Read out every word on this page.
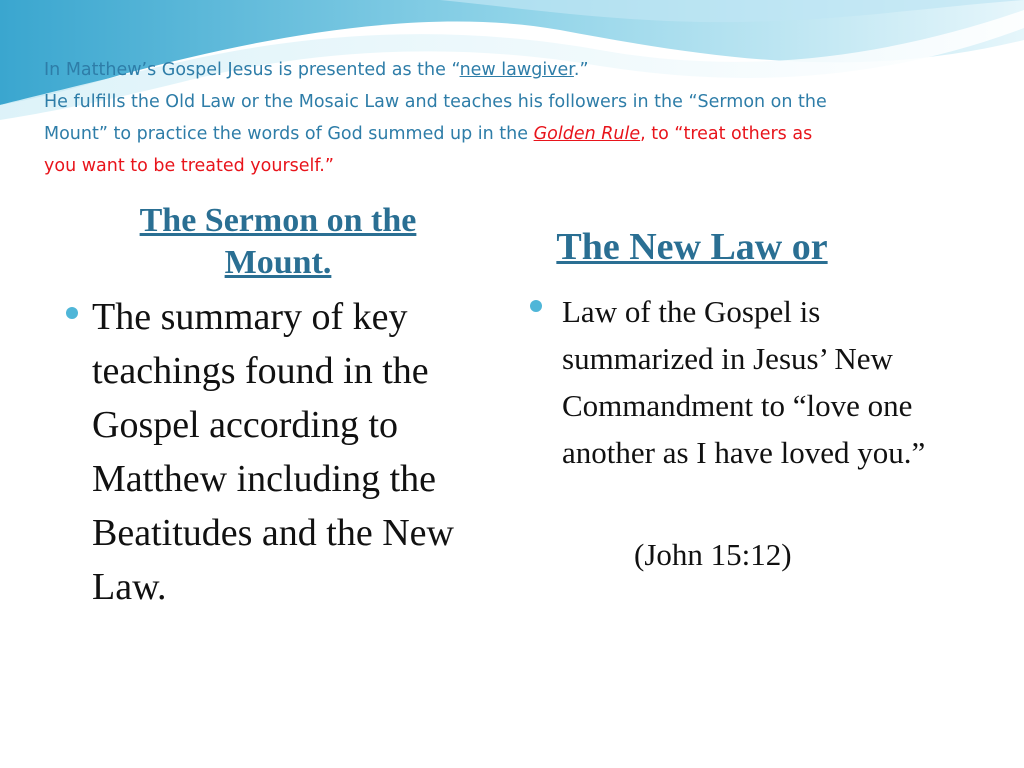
In Matthew’s Gospel Jesus is presented as the “new lawgiver.”
He fulfills the Old Law or the Mosaic Law and teaches his followers in the “Sermon on the
Mount” to practice the words of God summed up in the Golden Rule, to “treat others as
you want to be treated yourself.”
The Sermon on the Mount.	The New Law or
The summary of key teachings found in the Gospel according to Matthew including the Beatitudes and the New Law.
Law of the Gospel is summarized in Jesus’ New Commandment to “love one another as I have loved you.”
(John 15:12)
